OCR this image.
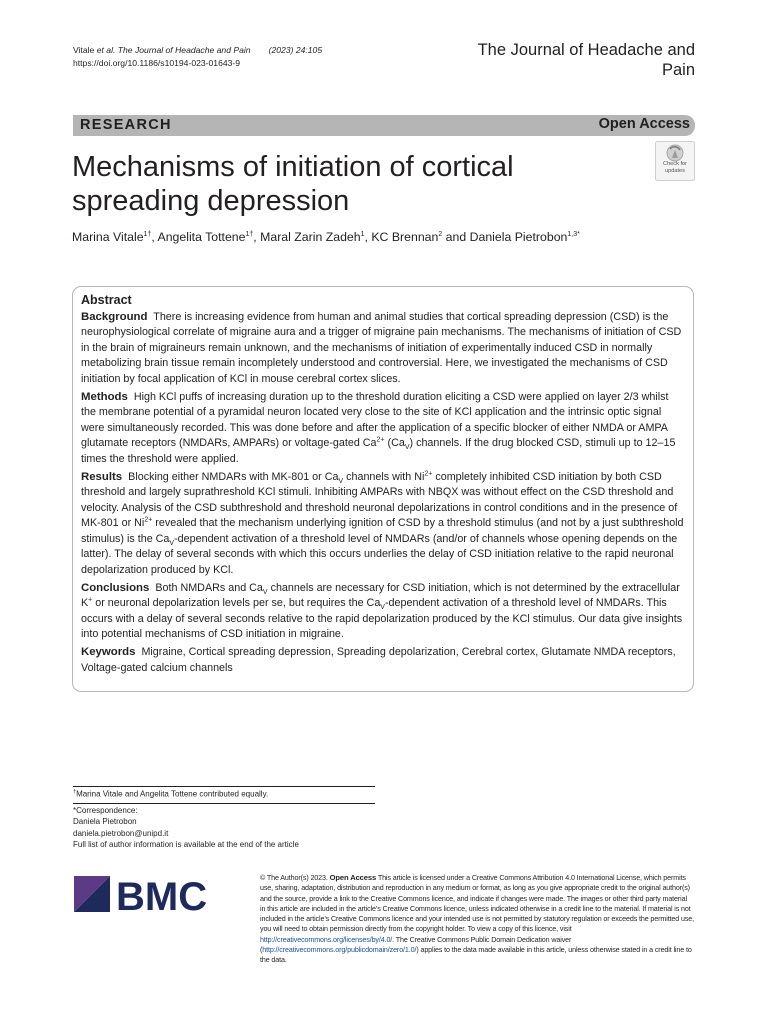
Vitale et al. The Journal of Headache and Pain (2023) 24:105
https://doi.org/10.1186/s10194-023-01643-9
The Journal of Headache and Pain
RESEARCH	Open Access
Mechanisms of initiation of cortical
spreading depression
Check for
updates
Marina Vitale$^{1\dagger}$, Angelita Tottene$^{1\dagger}$, Maral Zarin Zadeh$^1$, KC Brennan$^2$ and Daniela Pietrobon$^{1,3*}$
Abstract

Background There is increasing evidence from human and animal studies that cortical spreading depression (CSD) is the neurophysiological correlate of migraine aura and a trigger of migraine pain mechanisms. The mechanisms of initiation of CSD in the brain of migraineurs remain unknown, and the mechanisms of initiation of experimentally induced CSD in normally metabolizing brain tissue remain incompletely understood and controversial. Here, we investigated the mechanisms of CSD initiation by focal application of KCl in mouse cerebral cortex slices.

Methods High KCl puffs of increasing duration up to the threshold duration eliciting a CSD were applied on layer 2/3 whilst the membrane potential of a pyramidal neuron located very close to the site of KCl application and the intrinsic optic signal were simultaneously recorded. This was done before and after the application of a specific blocker of either NMDA or AMPA glutamate receptors (NMDARs, AMPARs) or voltage-gated $Ca^{2+}$ $(Ca_V)$ channels. If the drug blocked CSD, stimuli up to 12–15 times the threshold were applied.

Results Blocking either NMDARs with MK-801 or $Ca_V$ channels with $Ni^{2+}$ completely inhibited CSD initiation by both CSD threshold and largely suprathreshold KCl stimuli. Inhibiting AMPARs with NBQX was without effect on the CSD threshold and velocity. Analysis of the CSD subthreshold and threshold neuronal depolarizations in control conditions and in the presence of MK-801 or $Ni^{2+}$ revealed that the mechanism underlying ignition of CSD by a threshold stimulus (and not by a just subthreshold stimulus) is the $Ca_V$-dependent activation of a threshold level of NMDARs (and/or of channels whose opening depends on the latter). The delay of several seconds with which this occurs underlies the delay of CSD initiation relative to the rapid neuronal depolarization produced by KCl.

Conclusions Both NMDARs and $Ca_V$ channels are necessary for CSD initiation, which is not determined by the extracellular K+ or neuronal depolarization levels per se, but requires the $Ca_V$-dependent activation of a threshold level of NMDARs. This occurs with a delay of several seconds relative to the rapid depolarization produced by the KCl stimulus. Our data give insights into potential mechanisms of CSD initiation in migraine.

Keywords Migraine, Cortical spreading depression, Spreading depolarization, Cerebral cortex, Glutamate NMDA receptors, Voltage-gated calcium channels

†Marina Vitale and Angelita Tottene contributed equally.
*Correspondence:
Daniela Pietrobon
daniela.pietrobon@unipd.it
Full list of author information is available at the end of the article
BMC	© The Author(s) 2023. Open Access This article is licensed under a Creative Commons Attribution 4.0 International License, which permits use, sharing, adaptation, distribution and reproduction in any medium or format, as long as you give appropriate credit to the original author(s) and the source, provide a link to the Creative Commons licence, and indicate if changes were made. The images or other third party material in this article are included in the article’s Creative Commons licence, unless indicated otherwise in a credit line to the material. If material is not included in the article’s Creative Commons licence and your intended use is not permitted by statutory regulation or exceeds the permitted use, you will need to obtain permission directly from the copyright holder. To view a copy of this licence, visit http://creativecommons.org/licenses/by/4.0/. The Creative Commons Public Domain Dedication waiver (http://creativecommons.org/publicdomain/zero/1.0/) applies to the data made available in this article, unless otherwise stated in a credit line to the data.
